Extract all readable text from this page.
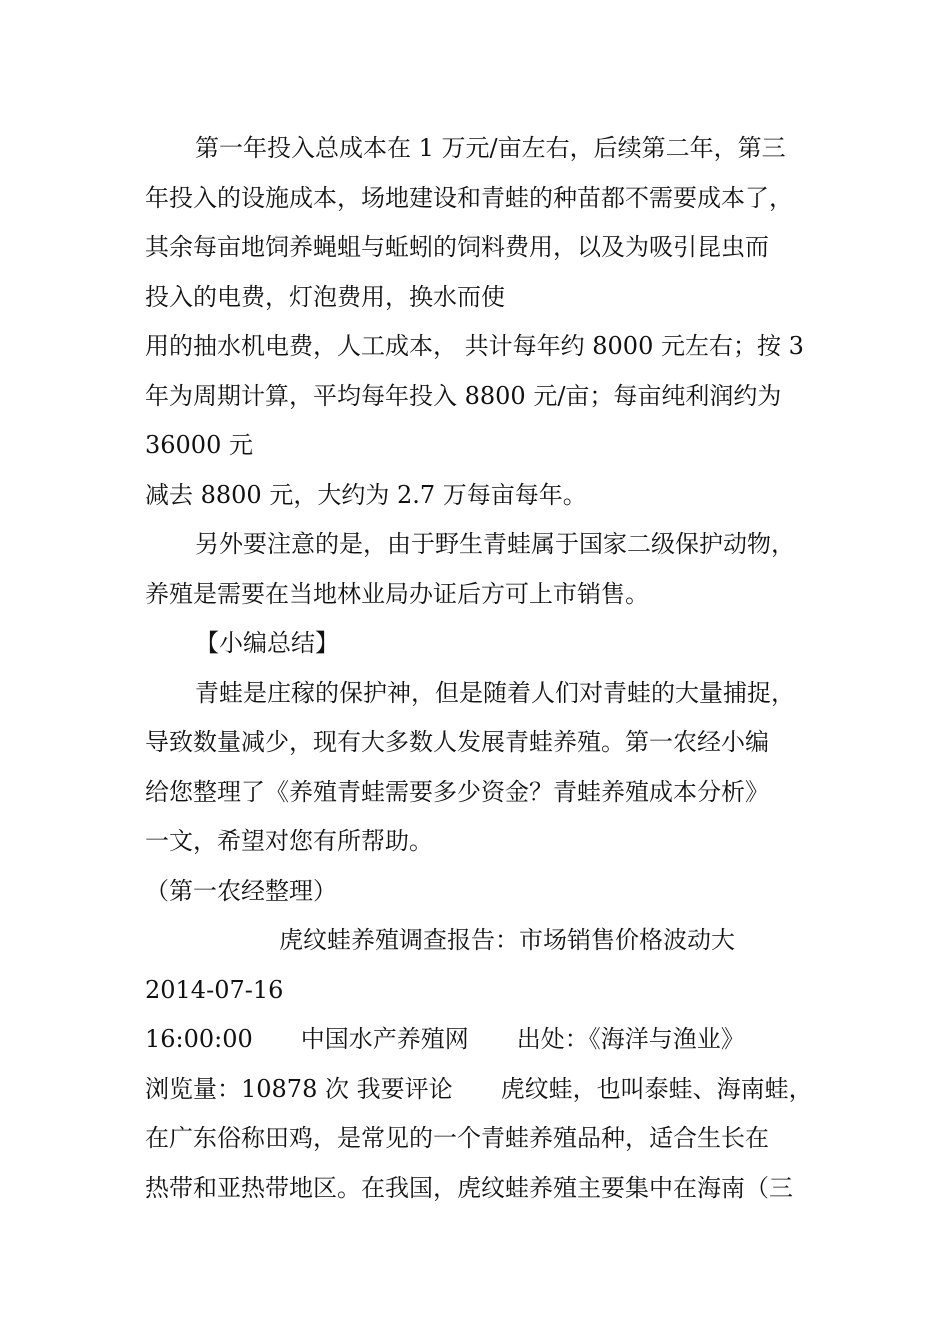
第一年投入总成本在 1 万元/亩左右，后续第二年，第三
年投入的设施成本，场地建设和青蛙的种苗都不需要成本了，
其余每亩地饲养蝇蛆与蚯蚓的饲料费用，以及为吸引昆虫而
投入的电费，灯泡费用，换水而使
用的抽水机电费，人工成本， 共计每年约 8000 元左右；按 3
年为周期计算，平均每年投入 8800 元/亩；每亩纯利润约为
36000 元
减去 8800 元，大约为 2.7 万每亩每年。
另外要注意的是，由于野生青蛙属于国家二级保护动物，
养殖是需要在当地林业局办证后方可上市销售。
【小编总结】
青蛙是庄稼的保护神，但是随着人们对青蛙的大量捕捉，
导致数量减少，现有大多数人发展青蛙养殖。第一农经小编
给您整理了《养殖青蛙需要多少资金？青蛙养殖成本分析》
一文，希望对您有所帮助。
（第一农经整理）
虎纹蛙养殖调查报告：市场销售价格波动大
2014-07-16
16:00:00 中国水产养殖网 出处：《海洋与渔业》
浏览量：10878 次 我要评论 虎纹蛙，也叫泰蛙、海南蛙，
在广东俗称田鸡，是常见的一个青蛙养殖品种，适合生长在
热带和亚热带地区。在我国，虎纹蛙养殖主要集中在海南（三
